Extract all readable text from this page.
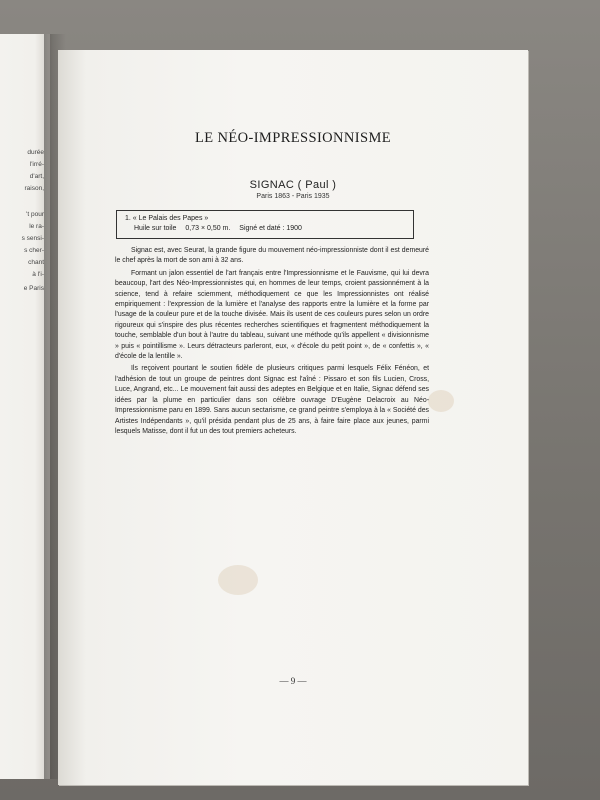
durée

l'irré-

d'art,

raison,

't pour

le ra-

s sensi-

s cher-

chant

à l'i-

e Paris

LE NÉO-IMPRESSIONNISME

SIGNAC ( Paul )

Paris 1863 - Paris 1935

1. « Le Palais des Papes »

Huile sur toile 0,73 × 0,50 m. Signé et daté : 1900

Signac est, avec Seurat, la grande figure du mouvement néo-impressionniste dont il est demeuré le chef après la mort de son ami à 32 ans.

Formant un jalon essentiel de l'art français entre l'Impressionnisme et le Fauvisme, qui lui devra beaucoup, l'art des Néo-Impressionnistes qui, en hommes de leur temps, croient passionnément à la science, tend à refaire sciemment, méthodiquement ce que les Impressionnistes ont réalisé empiriquement : l'expression de la lumière et l'analyse des rapports entre la lumière et la forme par l'usage de la couleur pure et de la touche divisée. Mais ils usent de ces couleurs pures selon un ordre rigoureux qui s'inspire des plus récentes recherches scientifiques et fragmentent méthodiquement la touche, semblable d'un bout à l'autre du tableau, suivant une méthode qu'ils appellent « divisionnisme » puis « pointillisme ». Leurs détracteurs parleront, eux, « d'école du petit point », de « confettis », « d'école de la lentille ».

Ils reçoivent pourtant le soutien fidèle de plusieurs critiques parmi lesquels Félix Fénéon, et l'adhésion de tout un groupe de peintres dont Signac est l'aîné : Pissaro et son fils Lucien, Cross, Luce, Angrand, etc... Le mouvement fait aussi des adeptes en Belgique et en Italie, Signac défend ses idées par la plume en particulier dans son célèbre ouvrage D'Eugène Delacroix au Néo-Impressionnisme paru en 1899. Sans aucun sectarisme, ce grand peintre s'employa à la « Société des Artistes Indépendants », qu'il présida pendant plus de 25 ans, à faire faire place aux jeunes, parmi lesquels Matisse, dont il fut un des tout premiers acheteurs.

— 9 —
